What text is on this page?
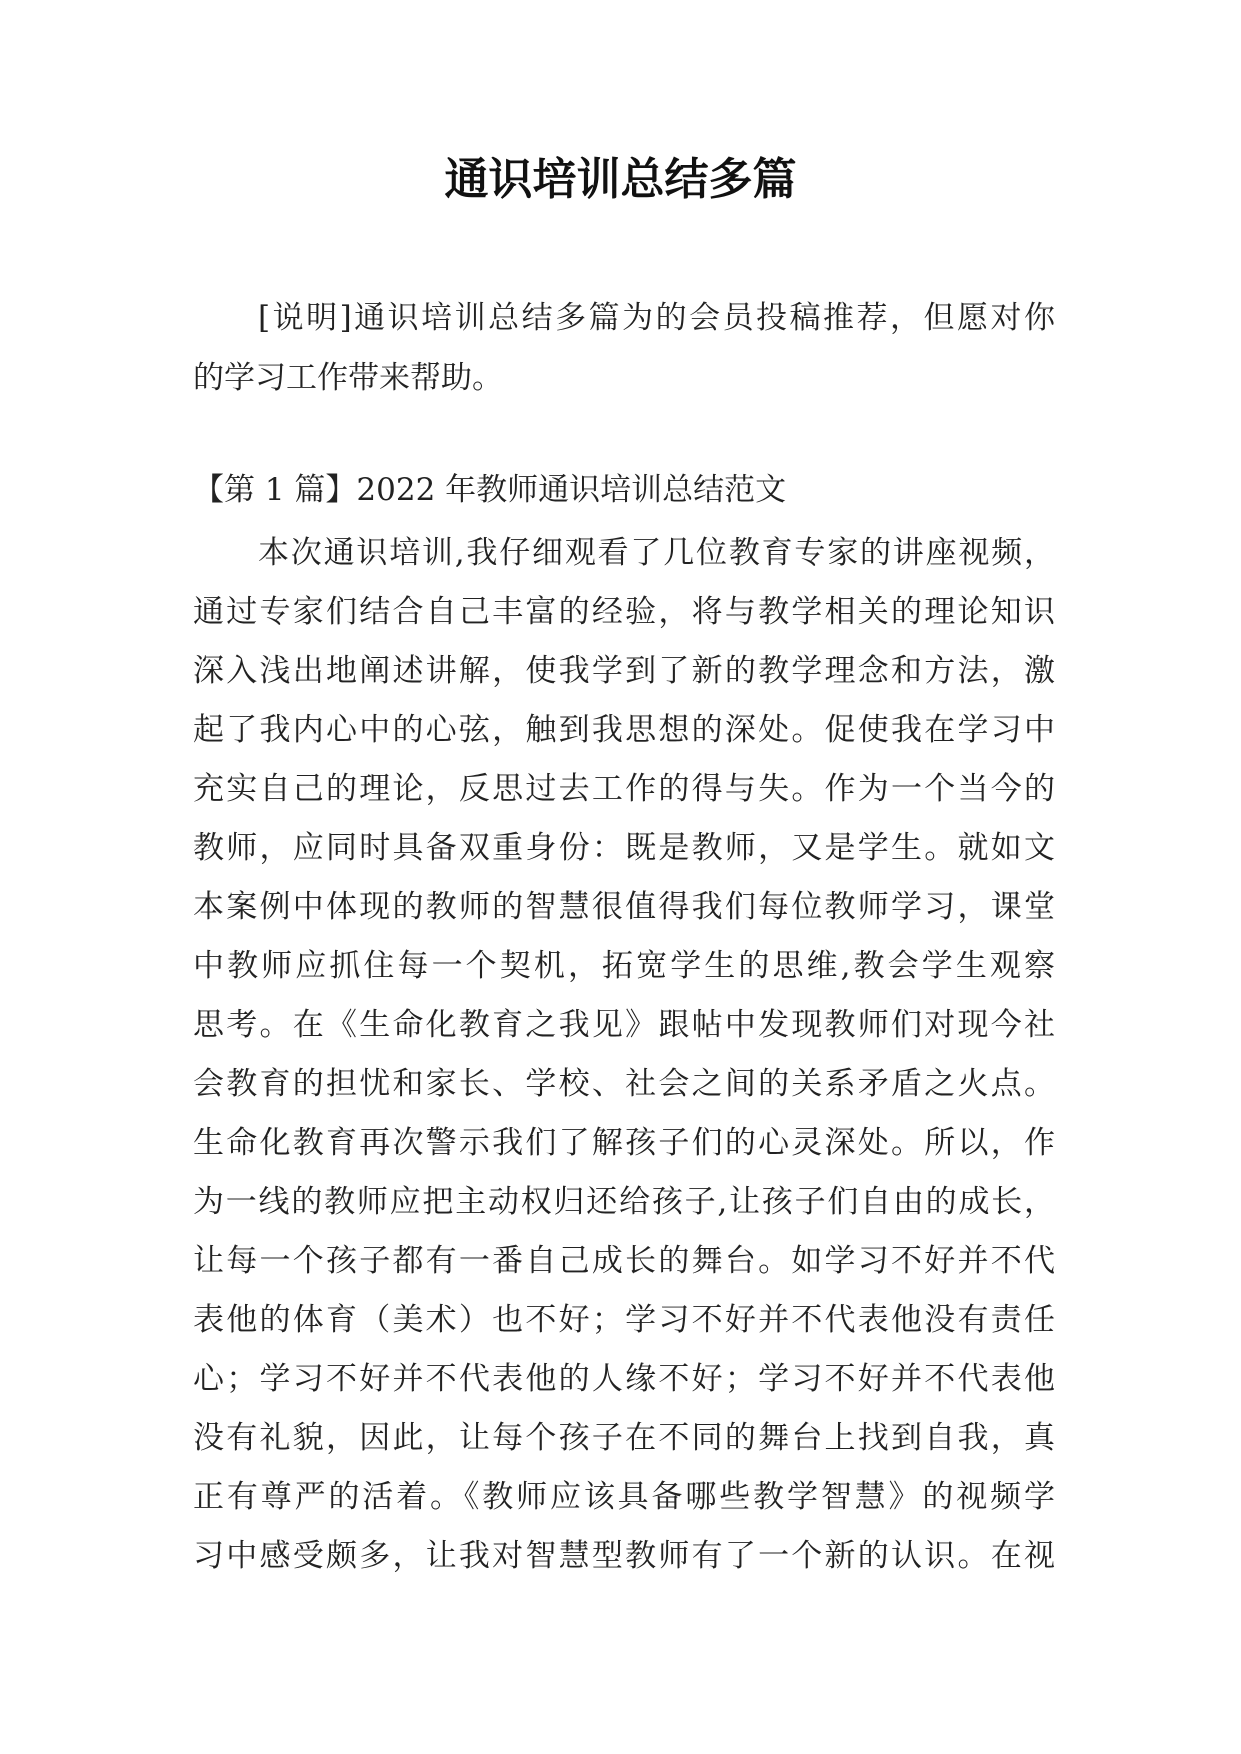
通识培训总结多篇
[说明]通识培训总结多篇为的会员投稿推荐，但愿对你
的学习工作带来帮助。
【第 1 篇】2022 年教师通识培训总结范文
本次通识培训,我仔细观看了几位教育专家的讲座视频，
通过专家们结合自己丰富的经验，将与教学相关的理论知识
深入浅出地阐述讲解，使我学到了新的教学理念和方法，激
起了我内心中的心弦，触到我思想的深处。促使我在学习中
充实自己的理论，反思过去工作的得与失。作为一个当今的
教师，应同时具备双重身份：既是教师，又是学生。就如文
本案例中体现的教师的智慧很值得我们每位教师学习，课堂
中教师应抓住每一个契机，拓宽学生的思维,教会学生观察
思考。在《生命化教育之我见》跟帖中发现教师们对现今社
会教育的担忧和家长、学校、社会之间的关系矛盾之火点。
生命化教育再次警示我们了解孩子们的心灵深处。所以，作
为一线的教师应把主动权归还给孩子,让孩子们自由的成长，
让每一个孩子都有一番自己成长的舞台。如学习不好并不代
表他的体育（美术）也不好；学习不好并不代表他没有责任
心；学习不好并不代表他的人缘不好；学习不好并不代表他
没有礼貌，因此，让每个孩子在不同的舞台上找到自我，真
正有尊严的活着。《教师应该具备哪些教学智慧》的视频学
习中感受颇多，让我对智慧型教师有了一个新的认识。在视
